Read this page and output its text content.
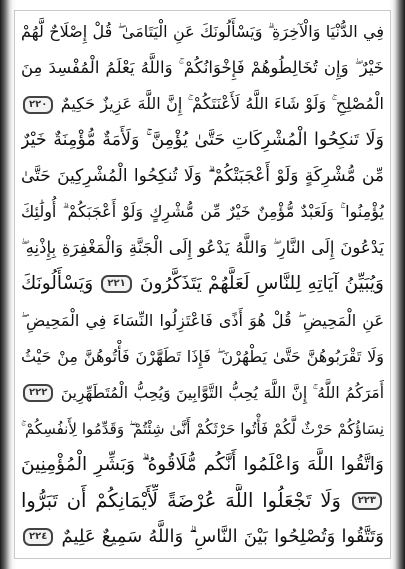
فِي الدُّنْيَا وَالْآخِرَةِ ۗ وَيَسْأَلُونَكَ عَنِ الْيَتَامَىٰ ۖ قُلْ إِصْلَاحٌ لَّهُمْ
خَيْرٌ ۖ وَإِن تُخَالِطُوهُمْ فَإِخْوَانُكُمْ ۚ وَاللَّهُ يَعْلَمُ الْمُفْسِدَ مِنَ
الْمُصْلِحِ ۚ وَلَوْ شَاءَ اللَّهُ لَأَعْنَتَكُمْ ۚ إِنَّ اللَّهَ عَزِيزٌ حَكِيمٌ ٢٢٠
وَلَا تَنكِحُوا الْمُشْرِكَاتِ حَتَّىٰ يُؤْمِنَّ ۚ وَلَأَمَةٌ مُّؤْمِنَةٌ خَيْرٌ
مِّن مُّشْرِكَةٍ وَلَوْ أَعْجَبَتْكُمْ ۗ وَلَا تُنكِحُوا الْمُشْرِكِينَ حَتَّىٰ
يُؤْمِنُوا ۚ وَلَعَبْدٌ مُّؤْمِنٌ خَيْرٌ مِّن مُّشْرِكٍ وَلَوْ أَعْجَبَكُمْ ۗ أُولَٰئِكَ
يَدْعُونَ إِلَى النَّارِ ۖ وَاللَّهُ يَدْعُو إِلَى الْجَنَّةِ وَالْمَغْفِرَةِ بِإِذْنِهِ ۖ
وَيُبَيِّنُ آيَاتِهِ لِلنَّاسِ لَعَلَّهُمْ يَتَذَكَّرُونَ ٢٢١ وَيَسْأَلُونَكَ
عَنِ الْمَحِيضِ ۖ قُلْ هُوَ أَذًى فَاعْتَزِلُوا النِّسَاءَ فِي الْمَحِيضِ ۖ
وَلَا تَقْرَبُوهُنَّ حَتَّىٰ يَطْهُرْنَ ۖ فَإِذَا تَطَهَّرْنَ فَأْتُوهُنَّ مِنْ حَيْثُ
أَمَرَكُمُ اللَّهُ ۚ إِنَّ اللَّهَ يُحِبُّ التَّوَّابِينَ وَيُحِبُّ الْمُتَطَهِّرِينَ ٢٢٢
نِسَاؤُكُمْ حَرْثٌ لَّكُمْ فَأْتُوا حَرْثَكُمْ أَنَّىٰ شِئْتُمْ ۖ وَقَدِّمُوا لِأَنفُسِكُمْ ۚ
وَاتَّقُوا اللَّهَ وَاعْلَمُوا أَنَّكُم مُّلَاقُوهُ ۗ وَبَشِّرِ الْمُؤْمِنِينَ
٢٢٣ وَلَا تَجْعَلُوا اللَّهَ عُرْضَةً لِّأَيْمَانِكُمْ أَن تَبَرُّوا
وَتَتَّقُوا وَتُصْلِحُوا بَيْنَ النَّاسِ ۗ وَاللَّهُ سَمِيعٌ عَلِيمٌ ٢٢٤
